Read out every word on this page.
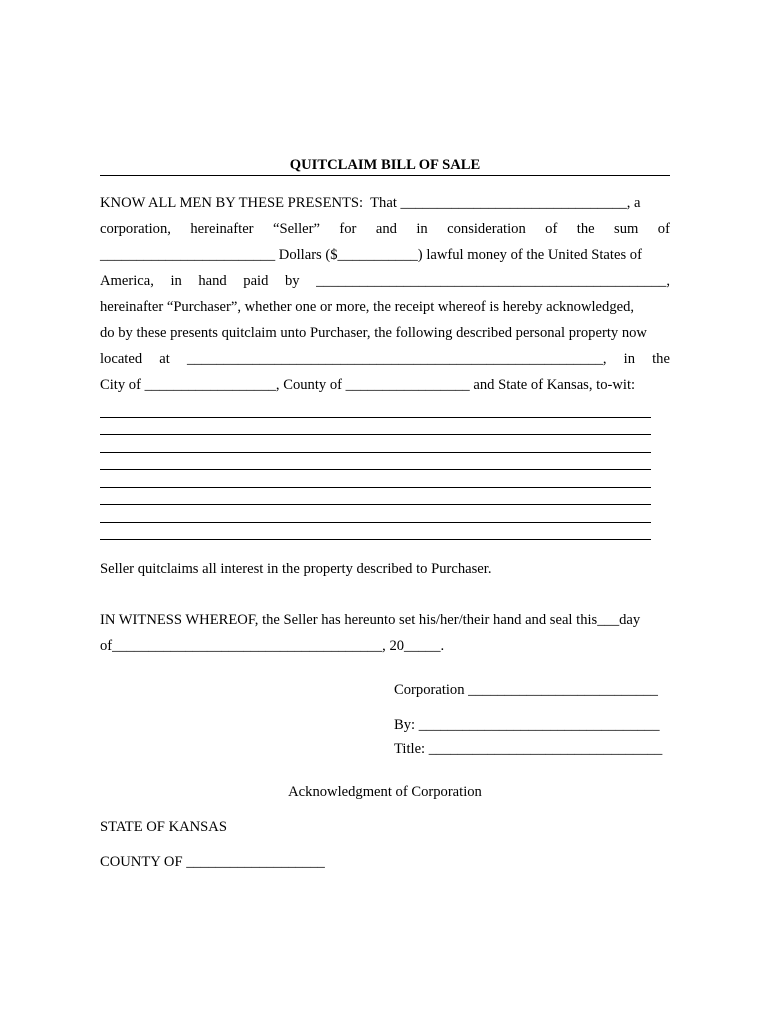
QUITCLAIM BILL OF SALE
KNOW ALL MEN BY THESE PRESENTS:  That _______________________________, a
corporation, hereinafter “Seller” for and in consideration of the sum of
________________________ Dollars ($___________) lawful money of the United States of
America, in hand paid by ________________________________________________,
hereinafter “Purchaser”, whether one or more, the receipt whereof is hereby acknowledged,
do by these presents quitclaim unto Purchaser, the following described personal property now
located at _________________________________________________________, in the
City of __________________, County of _________________ and State of Kansas, to-wit:
Seller quitclaims all interest in the property described to Purchaser.
IN WITNESS WHEREOF, the Seller has hereunto set his/her/their hand and seal this___day
of_____________________________________, 20_____.
Corporation __________________________
By: _________________________________
Title: ________________________________
Acknowledgment of Corporation
STATE OF KANSAS
COUNTY OF ___________________
